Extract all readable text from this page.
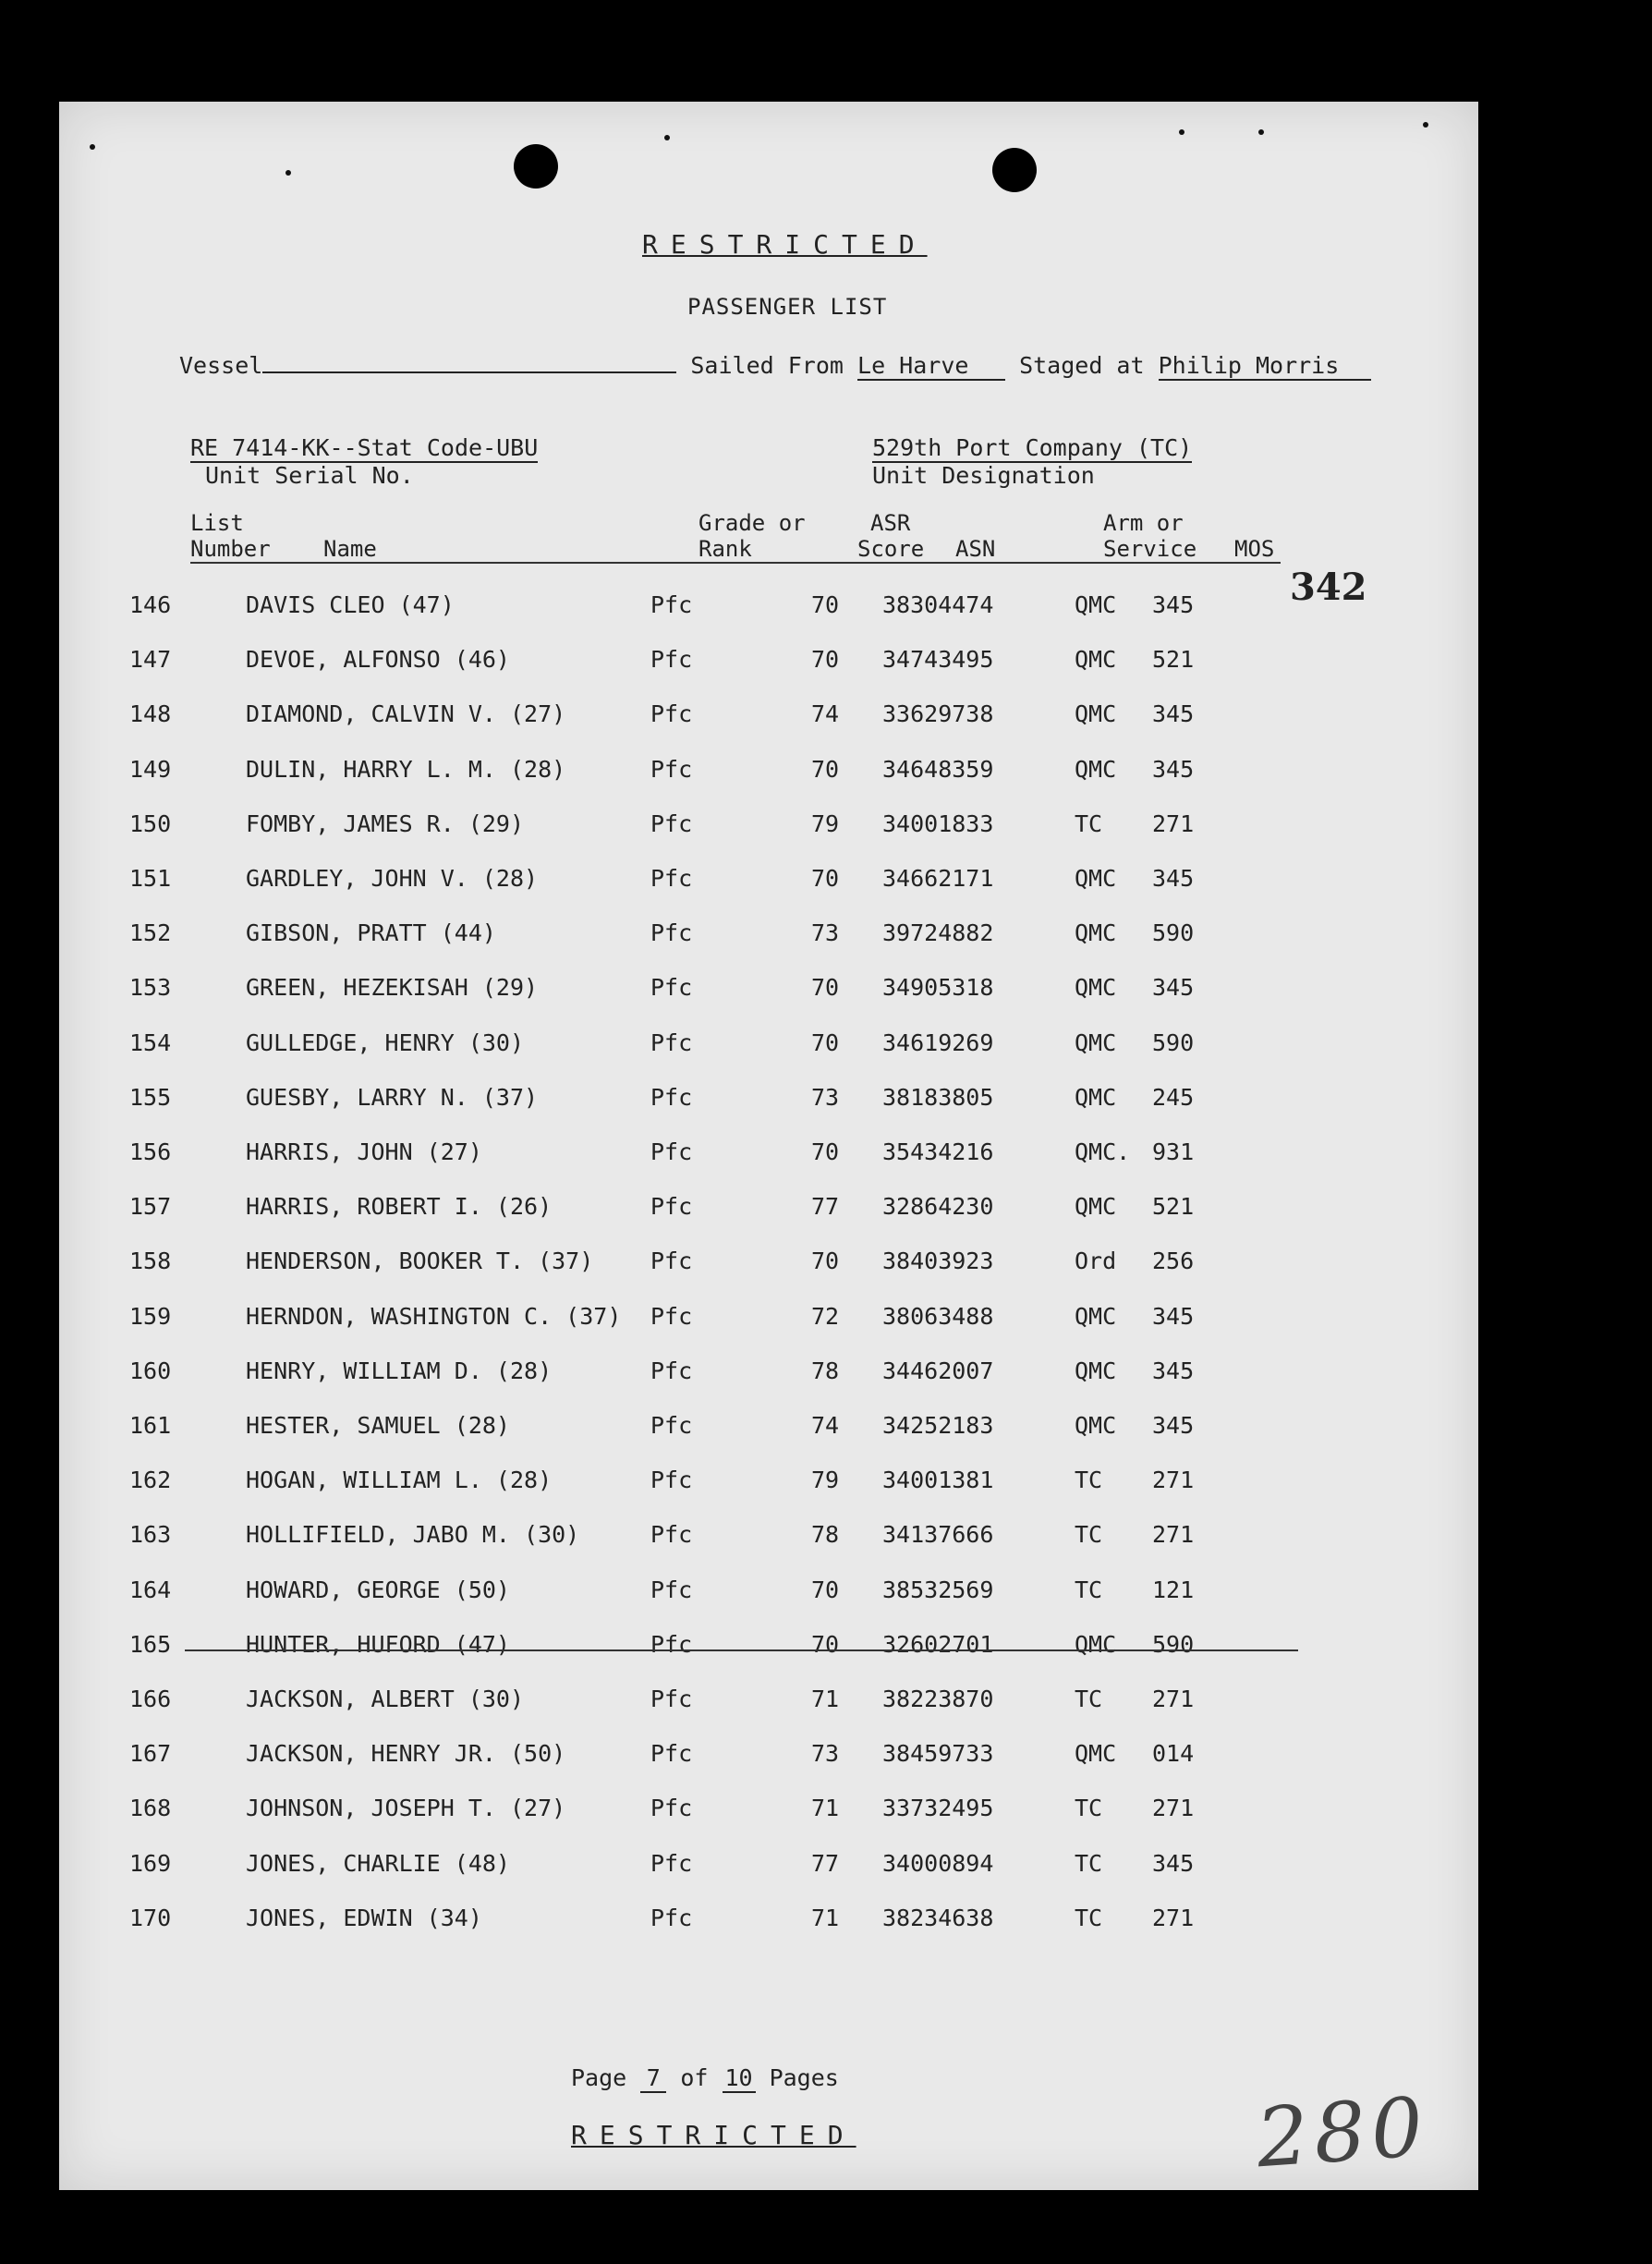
RESTRICTED
PASSENGER LIST
Vessel	Sailed From Le Harve Staged at Philip Morris
RE 7414-KK--Stat Code-UBU
Unit Serial No.
529th Port Company (TC)
Unit Designation
List
Number Name
Grade or
Rank
ASR
Score ASN
Arm or
Service MOS
342
146	DAVIS CLEO (47)	Pfc	70 38304474	QMC 345
147	DEVOE, ALFONSO (46)	Pfc	70 34743495	QMC 521
148	DIAMOND, CALVIN V. (27)	Pfc	74 33629738	QMC 345
149	DULIN, HARRY L. M. (28)	Pfc	70 34648359	QMC 345
150	FOMBY, JAMES R. (29)	Pfc	79 34001833	TC 271
151	GARDLEY, JOHN V. (28)	Pfc	70 34662171	QMC 345
152	GIBSON, PRATT (44)	Pfc	73 39724882	QMC 590
153	GREEN, HEZEKISAH (29)	Pfc	70 34905318	QMC 345
154	GULLEDGE, HENRY (30)	Pfc	70 34619269	QMC 590
155	GUESBY, LARRY N. (37)	Pfc	73 38183805	QMC 245
156	HARRIS, JOHN (27)	Pfc	70 35434216	QMC. 931
157	HARRIS, ROBERT I. (26)	Pfc	77 32864230	QMC 521
158	HENDERSON, BOOKER T. (37) Pfc	70 38403923	Ord 256
159	HERNDON, WASHINGTON C. (37) Pfc	72 38063488	QMC 345
160	HENRY, WILLIAM D. (28)	Pfc	78 34462007	QMC 345
161	HESTER, SAMUEL (28)	Pfc	74 34252183	QMC 345
162	HOGAN, WILLIAM L. (28)	Pfc	79 34001381	TC 271
163	HOLLIFIELD, JABO M. (30)	Pfc	78 34137666	TC 271
164	HOWARD, GEORGE (50)	Pfc	70 38532569	TC 121
165	HUNTER, HUFORD (47)	Pfc	70 32602701	QMC 590
166	JACKSON, ALBERT (30)	Pfc	71 38223870	TC 271
167	JACKSON, HENRY JR. (50)	Pfc	73 38459733	QMC 014
168	JOHNSON, JOSEPH T. (27)	Pfc	71 33732495	TC 271
169	JONES, CHARLIE (48)	Pfc	77 34000894	TC 345
170	JONES, EDWIN (34)	Pfc	71 38234638	TC 271
Page 7 of 10 Pages
RESTRICTED	280
